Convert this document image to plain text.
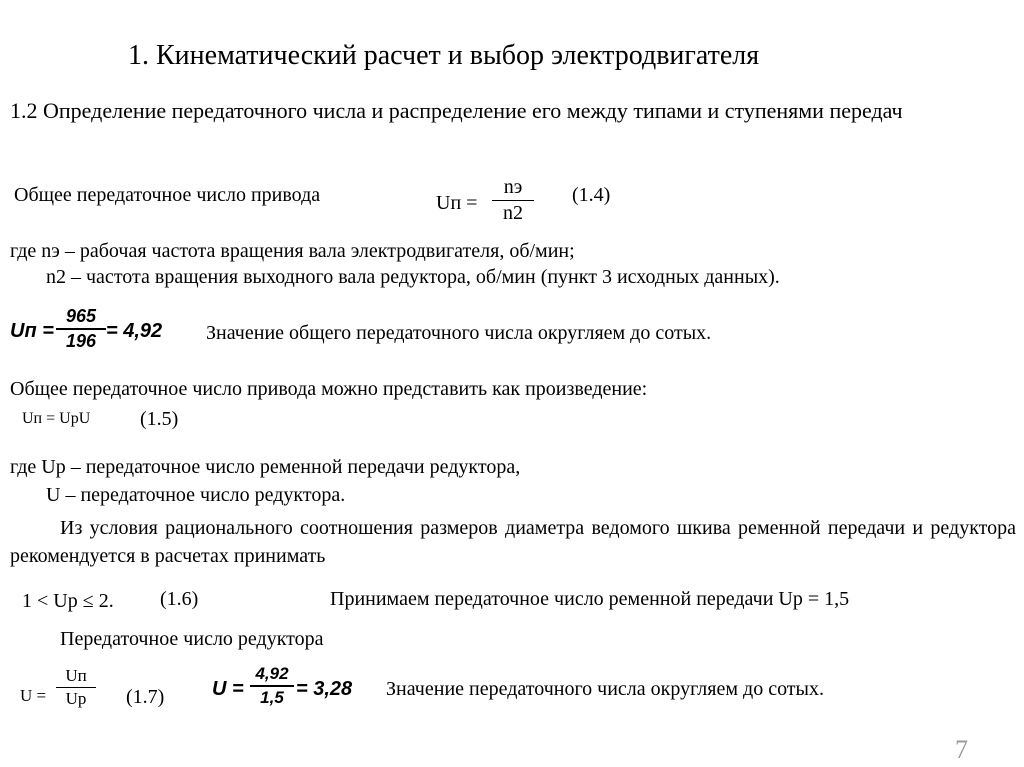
1. Кинематический расчет и выбор электродвигателя
1.2 Определение передаточного числа и распределение его между типами и ступенями передач
Общее передаточное число привода	Uп =
nэ
n2
(1.4)
где nэ – рабочая частота вращения вала электродвигателя, об/мин;
n2 – частота вращения выходного вала редуктора, об/мин (пункт 3 исходных данных).
Uп =
965
196 = 4,92 Значение общего передаточного числа округляем до сотых.
Общее передаточное число привода можно представить как произведение:
Uп = UрU (1.5)
где Uр – передаточное число ременной передачи редуктора,
U – передаточное число редуктора.
Из условия рационального соотношения размеров диаметра ведомого шкива ременной передачи и редуктора рекомендуется в расчетах принимать
1 < Uр ≤ 2. (1.6)	Принимаем передаточное число ременной передачи Uр = 1,5
Передаточное число редуктора
U =
Uп
Uр	(1.7) U =
4,92
1,5 = 3,28 Значение передаточного числа округляем до сотых.
7
